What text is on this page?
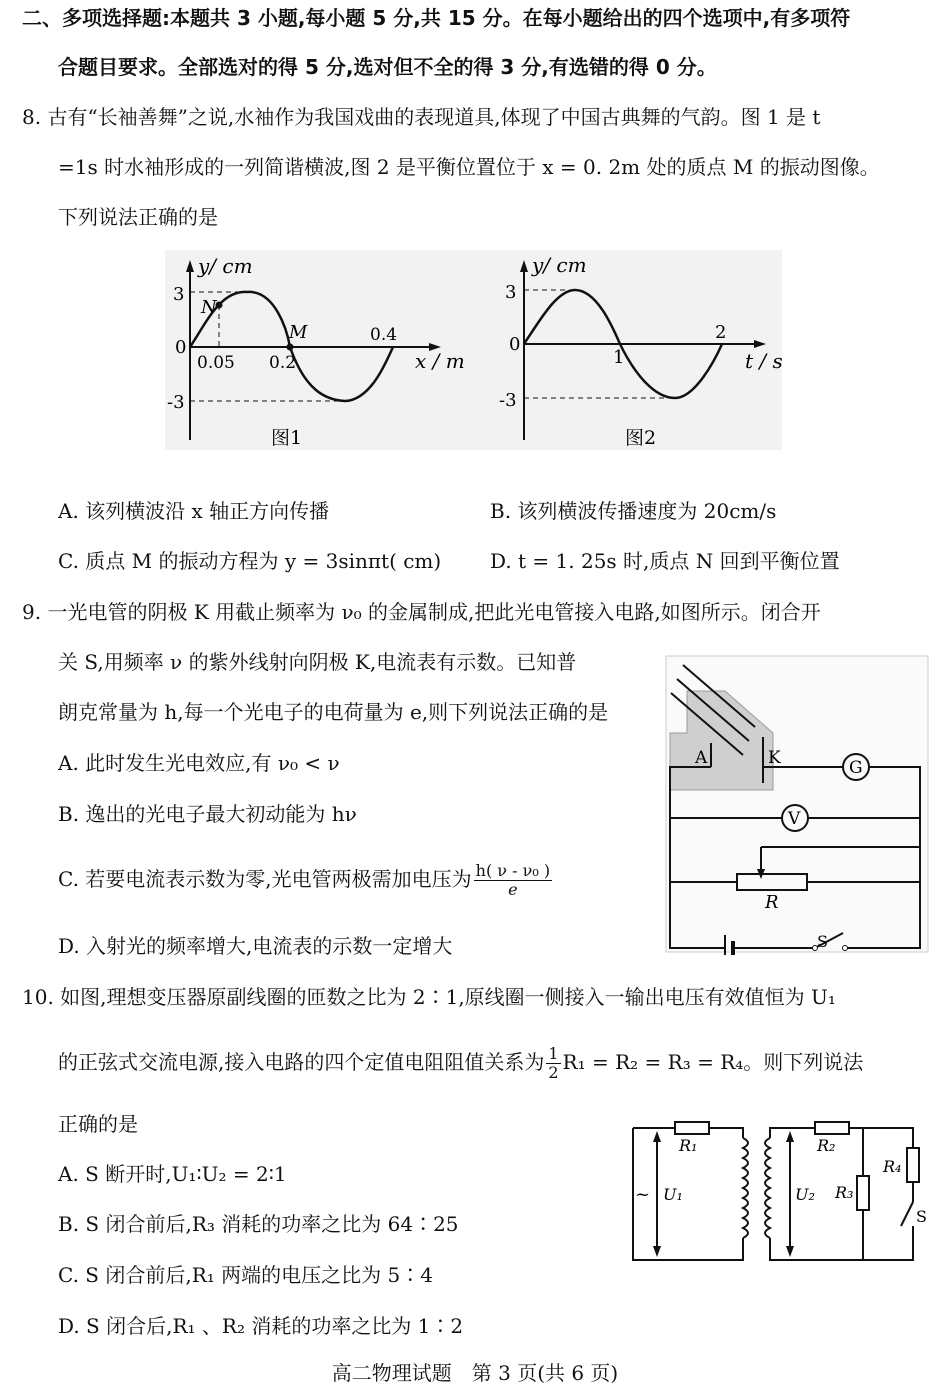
二、多项选择题:本题共 3 小题,每小题 5 分,共 15 分。在每小题给出的四个选项中,有多项符
合题目要求。全部选对的得 5 分,选对但不全的得 3 分,有选错的得 0 分。
8. 古有“长袖善舞”之说,水袖作为我国戏曲的表现道具,体现了中国古典舞的气韵。图 1 是 t
=1s 时水袖形成的一列简谐横波,图 2 是平衡位置位于 x = 0. 2m 处的质点 M 的振动图像。
下列说法正确的是
y/ cm
3
0
-3
0.05 0.2
0.4
N
M
x / m
图1
y/ cm
3
0
-3
1
2
t / s
图2
A. 该列横波沿 x 轴正方向传播	B. 该列横波传播速度为 20cm/s
C. 质点 M 的振动方程为 y = 3sinπt( cm) D. t = 1. 25s 时,质点 N 回到平衡位置
9. 一光电管的阴极 K 用截止频率为 ν₀ 的金属制成,把此光电管接入电路,如图所示。闭合开
关 S,用频率 ν 的紫外线射向阴极 K,电流表有示数。已知普
朗克常量为 h,每一个光电子的电荷量为 e,则下列说法正确的是
A. 此时发生光电效应,有 ν₀ < ν
B. 逸出的光电子最大初动能为 hν
C. 若要电流表示数为零,光电管两极需加电压为 $\frac{\text{h( ν - ν₀ )}}{e}$
D. 入射光的频率增大,电流表的示数一定增大
A	K	G
V
R
S
10. 如图,理想变压器原副线圈的匝数之比为 2∶1,原线圈一侧接入一输出电压有效值恒为 U₁
的正弦式交流电源,接入电路的四个定值电阻阻值关系为 $\frac{1}{2} R_1 = R_2 = R_3 = R_4$。则下列说法
正确的是
A. S 断开时,U₁∶U₂ = 2∶1
B. S 闭合前后,R₃ 消耗的功率之比为 64∶25
C. S 闭合前后,R₁ 两端的电压之比为 5∶4
D. S 闭合后,R₁ 、R₂ 消耗的功率之比为 1∶2
~ U₁	U₂
R₁	R₂
R₃
R₄
S
高二物理试题　第 3 页(共 6 页)
